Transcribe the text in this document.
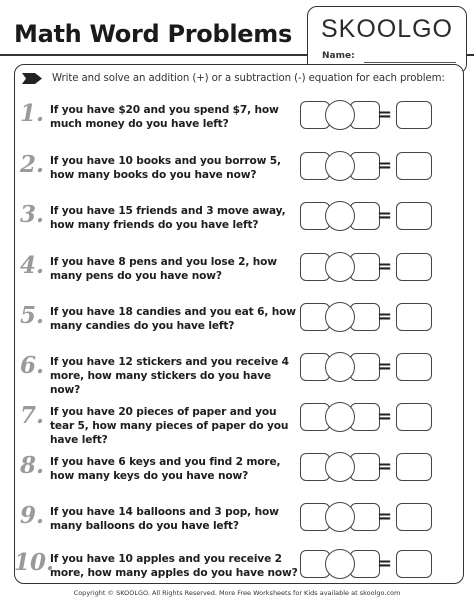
Math Word Problems	SKOOLGO
Name:
Write and solve an addition (+) or a subtraction (-) equation for each problem:
1. If you have $20 and you spend $7, how much money do you have left?	=
2. If you have 10 books and you borrow 5, how many books do you have now?	=
3. If you have 15 friends and 3 move away, how many friends do you have left?	=
4. If you have 8 pens and you lose 2, how many pens do you have now?	=
5. If you have 18 candies and you eat 6, how many candies do you have left?	=
6. If you have 12 stickers and you receive 4 more, how many stickers do you have now?
=
7. If you have 20 pieces of paper and you tear 5, how many pieces of paper do you have left?
=
8. If you have 6 keys and you find 2 more, how many keys do you have now?	=
9. If you have 14 balloons and 3 pop, how many balloons do you have left?	=
10.
If you have 10 apples and you receive 2 more, how many apples do you have now?	=
Copyright © SKOOLGO. All Rights Reserved. More Free Worksheets for Kids available at skoolgo.com
